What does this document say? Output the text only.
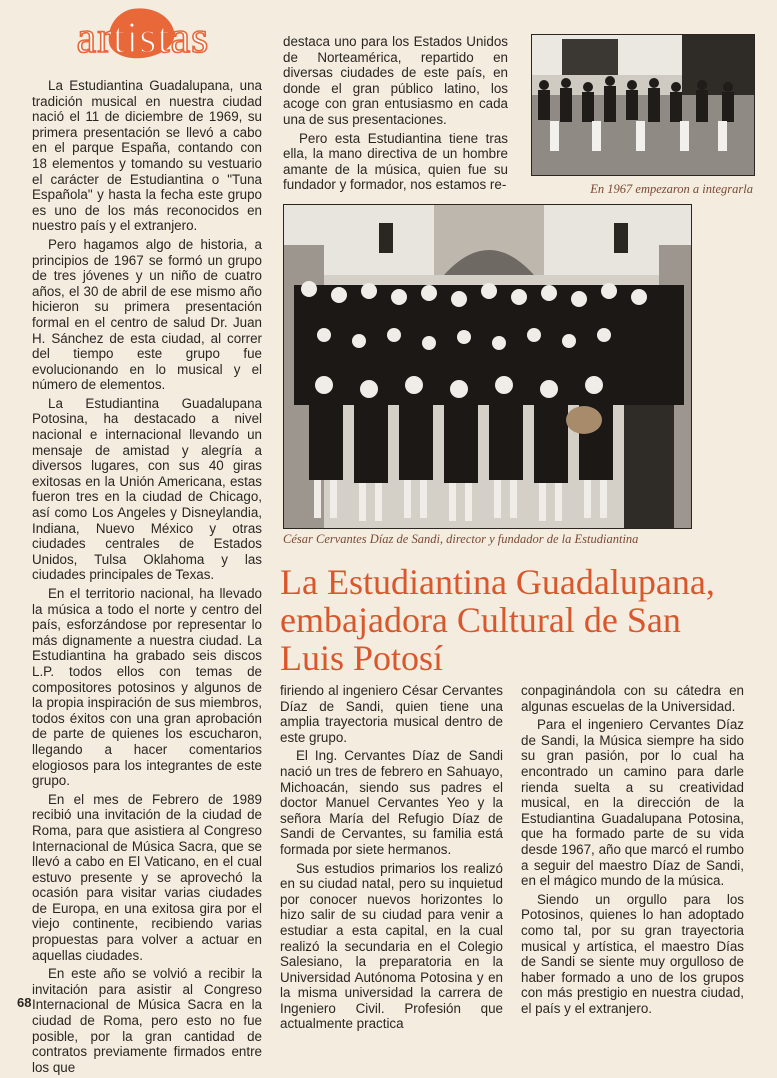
artistas

La Estudiantina Guadalupana, una tradición musical en nuestra ciudad nació el 11 de diciembre de 1969, su primera presentación se llevó a cabo en el parque España, contando con 18 elementos y tomando su vestuario el carácter de Estudiantina o "Tuna Española" y hasta la fecha este grupo es uno de los más reconocidos en nuestro país y el extranjero.

Pero hagamos algo de historia, a principios de 1967 se formó un grupo de tres jóvenes y un niño de cuatro años, el 30 de abril de ese mismo año hicieron su primera presentación formal en el centro de salud Dr. Juan H. Sánchez de esta ciudad, al correr del tiempo este grupo fue evolucionando en lo musical y el número de elementos.

La Estudiantina Guadalupana Potosina, ha destacado a nivel nacional e internacional llevando un mensaje de amistad y alegría a diversos lugares, con sus 40 giras exitosas en la Unión Americana, estas fueron tres en la ciudad de Chicago, así como Los Angeles y Disneylandia, Indiana, Nuevo México y otras ciudades centrales de Estados Unidos, Tulsa Oklahoma y las ciudades principales de Texas.

En el territorio nacional, ha llevado la música a todo el norte y centro del país, esforzándose por representar lo más dignamente a nuestra ciudad. La Estudiantina ha grabado seis discos L.P. todos ellos con temas de compositores potosinos y algunos de la propia inspiración de sus miembros, todos éxitos con una gran aprobación de parte de quienes los escucharon, llegando a hacer comentarios elogiosos para los integrantes de este grupo.

En el mes de Febrero de 1989 recibió una invitación de la ciudad de Roma, para que asistiera al Congreso Internacional de Música Sacra, que se llevó a cabo en El Vaticano, en el cual estuvo presente y se aprovechó la ocasión para visitar varias ciudades de Europa, en una exitosa gira por el viejo continente, recibiendo varias propuestas para volver a actuar en aquellas ciudades.

En este año se volvió a recibir la invitación para asistir al Congreso Internacional de Música Sacra en la ciudad de Roma, pero esto no fue posible, por la gran cantidad de contratos previamente firmados entre los que

destaca uno para los Estados Unidos de Norteamérica, repartido en diversas ciudades de este país, en donde el gran público latino, los acoge con gran entusiasmo en cada una de sus presentaciones.

Pero esta Estudiantina tiene tras ella, la mano directiva de un hombre amante de la música, quien fue su fundador y formador, nos estamos re-	En 1967 empezaron a integrarla
César Cervantes Díaz de Sandi, director y fundador de la Estudiantina
La Estudiantina Guadalupana, embajadora Cultural de San Luis Potosí

firiendo al ingeniero César Cervantes Díaz de Sandi, quien tiene una amplia trayectoria musical dentro de este grupo.

El Ing. Cervantes Díaz de Sandi nació un tres de febrero en Sahuayo, Michoacán, siendo sus padres el doctor Manuel Cervantes Yeo y la señora María del Refugio Díaz de Sandi de Cervantes, su familia está formada por siete hermanos.

Sus estudios primarios los realizó en su ciudad natal, pero su inquietud por conocer nuevos horizontes lo hizo salir de su ciudad para venir a estudiar a esta capital, en la cual realizó la secundaria en el Colegio Salesiano, la preparatoria en la Universidad Autónoma Potosina y en la misma universidad la carrera de Ingeniero Civil. Profesión que actualmente practica

conpaginándola con su cátedra en algunas escuelas de la Universidad.

Para el ingeniero Cervantes Díaz de Sandi, la Música siempre ha sido su gran pasión, por lo cual ha encontrado un camino para darle rienda suelta a su creatividad musical, en la dirección de la Estudiantina Guadalupana Potosina, que ha formado parte de su vida desde 1967, año que marcó el rumbo a seguir del maestro Díaz de Sandi, en el mágico mundo de la música.

Siendo un orgullo para los Potosinos, quienes lo han adoptado como tal, por su gran trayectoria musical y artística, el maestro Días de Sandi se siente muy orgulloso de haber formado a uno de los grupos con más prestigio en nuestra ciudad, el país y el extranjero.

68
